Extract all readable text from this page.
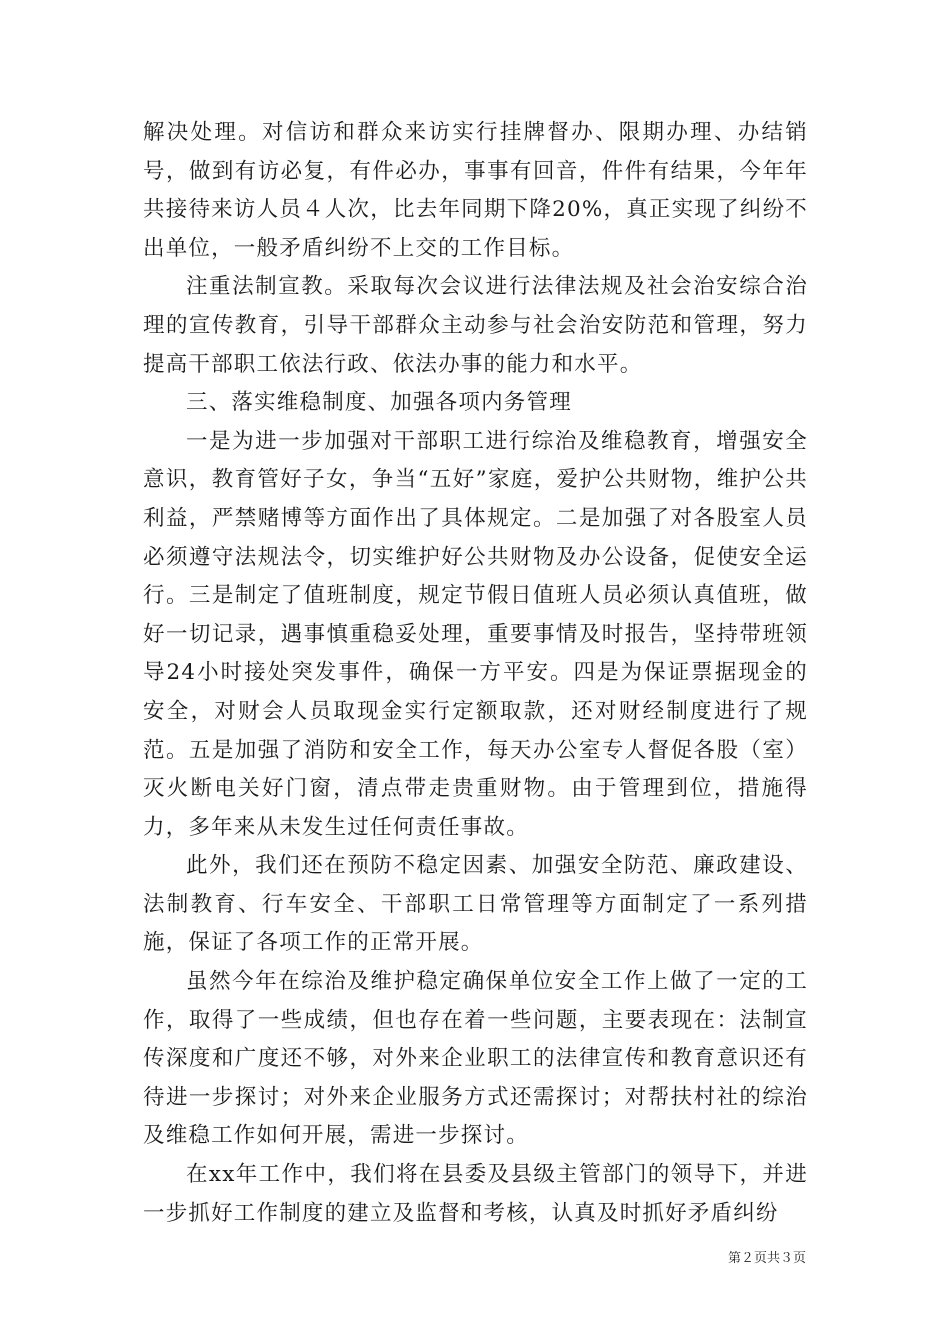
解决处理。对信访和群众来访实行挂牌督办、限期办理、办结销号，做到有访必复，有件必办，事事有回音，件件有结果，今年年共接待来访人员４人次，比去年同期下降20%，真正实现了纠纷不出单位，一般矛盾纠纷不上交的工作目标。

注重法制宣教。采取每次会议进行法律法规及社会治安综合治理的宣传教育，引导干部群众主动参与社会治安防范和管理，努力提高干部职工依法行政、依法办事的能力和水平。

三、落实维稳制度、加强各项内务管理

一是为进一步加强对干部职工进行综治及维稳教育，增强安全意识，教育管好子女，争当“五好”家庭，爱护公共财物，维护公共利益，严禁赌博等方面作出了具体规定。二是加强了对各股室人员必须遵守法规法令，切实维护好公共财物及办公设备，促使安全运行。三是制定了值班制度，规定节假日值班人员必须认真值班，做好一切记录，遇事慎重稳妥处理，重要事情及时报告，坚持带班领导24小时接处突发事件，确保一方平安。四是为保证票据现金的安全，对财会人员取现金实行定额取款，还对财经制度进行了规范。五是加强了消防和安全工作，每天办公室专人督促各股（室）灭火断电关好门窗，清点带走贵重财物。由于管理到位，措施得力，多年来从未发生过任何责任事故。

此外，我们还在预防不稳定因素、加强安全防范、廉政建设、法制教育、行车安全、干部职工日常管理等方面制定了一系列措施，保证了各项工作的正常开展。

虽然今年在综治及维护稳定确保单位安全工作上做了一定的工作，取得了一些成绩，但也存在着一些问题，主要表现在：法制宣传深度和广度还不够，对外来企业职工的法律宣传和教育意识还有待进一步探讨；对外来企业服务方式还需探讨；对帮扶村社的综治及维稳工作如何开展，需进一步探讨。

在xx年工作中，我们将在县委及县级主管部门的领导下，并进一步抓好工作制度的建立及监督和考核，认真及时抓好矛盾纠纷

第２页共３页
